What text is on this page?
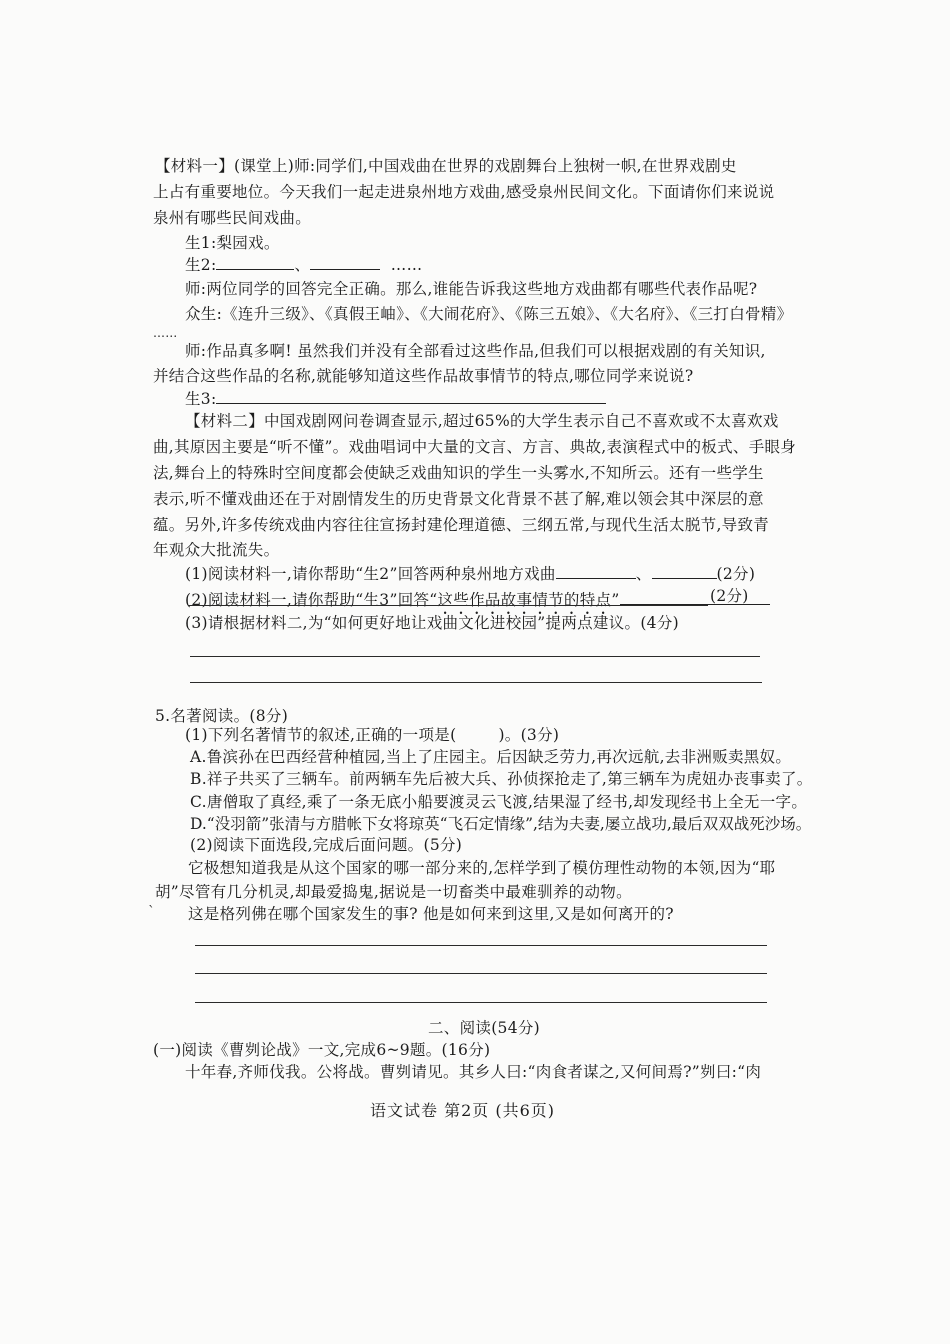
【材料一】(课堂上)师:同学们,中国戏曲在世界的戏剧舞台上独树一帜,在世界戏剧史
上占有重要地位。今天我们一起走进泉州地方戏曲,感受泉州民间文化。下面请你们来说说
泉州有哪些民间戏曲。
生1:梨园戏。
生2:	、	……
师:两位同学的回答完全正确。那么,谁能告诉我这些地方戏曲都有哪些代表作品呢?
众生:《连升三级》、《真假王岫》、《大闹花府》、《陈三五娘》、《大名府》、《三打白骨精》
……
师:作品真多啊! 虽然我们并没有全部看过这些作品,但我们可以根据戏剧的有关知识,
并结合这些作品的名称,就能够知道这些作品故事情节的特点,哪位同学来说说?
生3:
【材料二】中国戏剧网问卷调查显示,超过65%的大学生表示自己不喜欢或不太喜欢戏
曲,其原因主要是“听不懂”。戏曲唱词中大量的文言、方言、典故,表演程式中的板式、手眼身
法,舞台上的特殊时空间度都会使缺乏戏曲知识的学生一头雾水,不知所云。还有一些学生
表示,听不懂戏曲还在于对剧情发生的历史背景文化背景不甚了解,难以领会其中深层的意
蕴。另外,许多传统戏曲内容往往宣扬封建伦理道德、三纲五常,与现代生活太脱节,导致青
年观众大批流失。
(1)阅读材料一,请你帮助“生2”回答两种泉州地方戏曲	、	(2分)
(2)阅读材料一,请你帮助“生3”回答“这些作品故事情节的特点”	(2分)
(3)请根据材料二,为“如何更好地让戏曲文化进校园”提两点建议。(4分)
5.名著阅读。(8分)
(1)下列名著情节的叙述,正确的一项是(	)。(3分)
A.鲁滨孙在巴西经营种植园,当上了庄园主。后因缺乏劳力,再次远航,去非洲贩卖黑奴。
B.祥子共买了三辆车。前两辆车先后被大兵、孙侦探抢走了,第三辆车为虎妞办丧事卖了。
C.唐僧取了真经,乘了一条无底小船要渡灵云飞渡,结果湿了经书,却发现经书上全无一字。
D.“没羽箭”张清与方腊帐下女将琼英“飞石定情缘”,结为夫妻,屡立战功,最后双双战死沙场。
(2)阅读下面选段,完成后面问题。(5分)
它极想知道我是从这个国家的哪一部分来的,怎样学到了模仿理性动物的本领,因为“耶
胡”尽管有几分机灵,却最爱捣鬼,据说是一切畜类中最难驯养的动物。
这是格列佛在哪个国家发生的事? 他是如何来到这里,又是如何离开的?
二、阅读(54分)
(一)阅读《曹刿论战》一文,完成6~9题。(16分)
十年春,齐师伐我。公将战。曹刿请见。其乡人曰:“肉食者谋之,又何间焉?”刿曰:“肉
语文试卷 第2页 (共6页)
`
